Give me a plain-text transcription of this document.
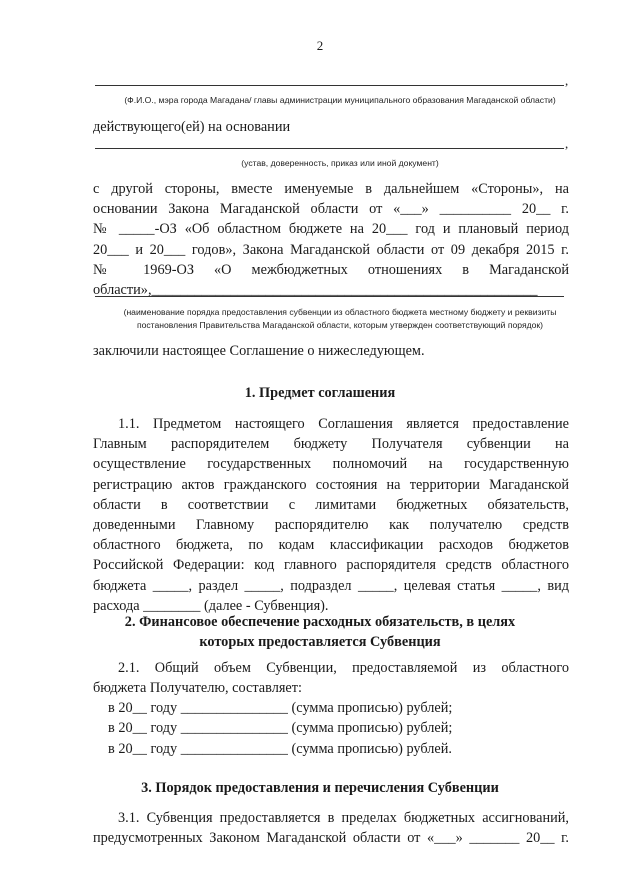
2
,
(Ф.И.О., мэра города Магадана/ главы администрации муниципального образования Магаданской области)
действующего(ей) на основании
,
(устав, доверенность, приказ или иной документ)
с другой стороны, вместе именуемые в дальнейшем «Стороны», на
основании Закона Магаданской области от «___» __________ 20__ г.
№ _____-ОЗ «Об областном бюджете на 20___ год и плановый период
20___ и 20___ годов», Закона Магаданской области от 09 декабря 2015 г.
№ 1969-ОЗ «О межбюджетных отношениях в Магаданской
области»,______________________________________________________
(наименование порядка предоставления субвенции из областного бюджета местному бюджету и реквизиты
постановления Правительства Магаданской области, которым утвержден соответствующий порядок)
заключили настоящее Соглашение о нижеследующем.
1. Предмет соглашения
1.1. Предметом настоящего Соглашения является предоставление
Главным распорядителем бюджету Получателя субвенции на
осуществление государственных полномочий на государственную
регистрацию актов гражданского состояния на территории Магаданской
области в соответствии с лимитами бюджетных обязательств,
доведенными Главному распорядителю как получателю средств
областного бюджета, по кодам классификации расходов бюджетов
Российской Федерации: код главного распорядителя средств областного
бюджета _____, раздел _____, подраздел _____, целевая статья _____, вид
расхода ________ (далее - Субвенция).
2. Финансовое обеспечение расходных обязательств, в целях
которых предоставляется Субвенция
2.1. Общий объем Субвенции, предоставляемой из областного
бюджета Получателю, составляет:
в 20__ году _______________ (сумма прописью) рублей;
в 20__ году _______________ (сумма прописью) рублей;
в 20__ году _______________ (сумма прописью) рублей.
3. Порядок предоставления и перечисления Субвенции
3.1. Субвенция предоставляется в пределах бюджетных ассигнований,
предусмотренных Законом Магаданской области от «___» _______ 20__ г.
